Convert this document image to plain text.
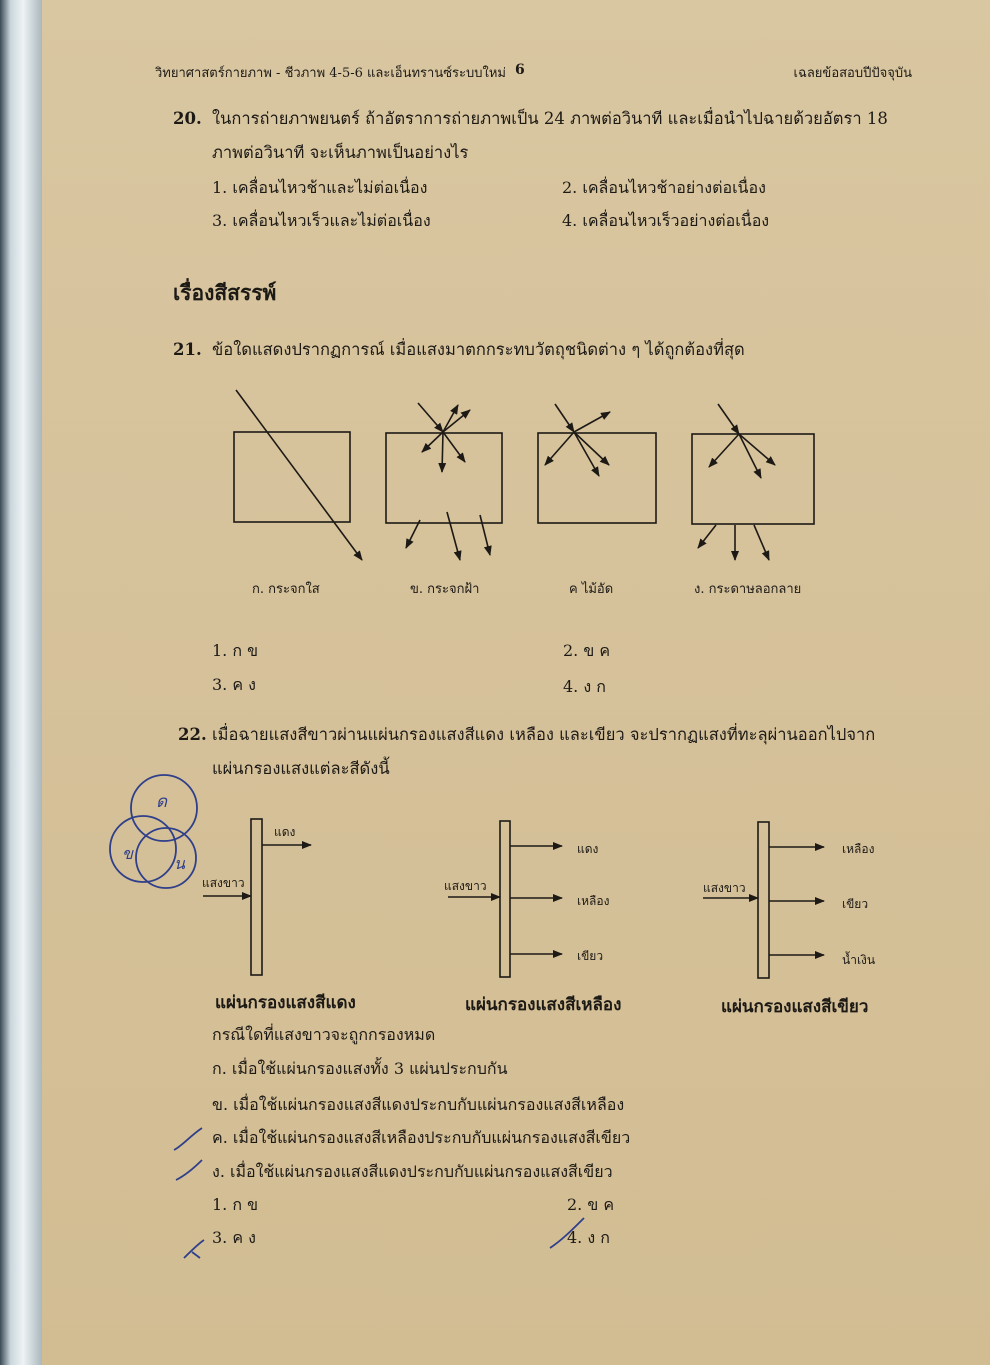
วิทยาศาสตร์กายภาพ - ชีวภาพ 4-5-6 และเอ็นทรานซ์ระบบใหม่ 6	เฉลยข้อสอบปีปัจจุบัน
20. ในการถ่ายภาพยนตร์ ถ้าอัตราการถ่ายภาพเป็น 24 ภาพต่อวินาที และเมื่อนำไปฉายด้วยอัตรา 18
ภาพต่อวินาที จะเห็นภาพเป็นอย่างไร
1. เคลื่อนไหวช้าและไม่ต่อเนื่อง	2. เคลื่อนไหวช้าอย่างต่อเนื่อง
3. เคลื่อนไหวเร็วและไม่ต่อเนื่อง	4. เคลื่อนไหวเร็วอย่างต่อเนื่อง
เรื่องสีสรรพ์
21. ข้อใดแสดงปรากฏการณ์ เมื่อแสงมาตกกระทบวัตถุชนิดต่าง ๆ ได้ถูกต้องที่สุด
ก. กระจกใส	ข. กระจกฝ้า	ค ไม้อัด	ง. กระดาษลอกลาย
1. ก ข	2. ข ค
3. ค ง	4. ง ก
22. เมื่อฉายแสงสีขาวผ่านแผ่นกรองแสงสีแดง เหลือง และเขียว จะปรากฏแสงที่ทะลุผ่านออกไปจาก
แผ่นกรองแสงแต่ละสีดังนี้
ด
ข
น
แสงขาว
แดง
แผ่นกรองแสงสีแดง
แสงขาว
แดง
เหลือง
เขียว
แผ่นกรองแสงสีเหลือง
แสงขาว
เหลือง
เขียว
น้ำเงิน
แผ่นกรองแสงสีเขียว
กรณีใดที่แสงขาวจะถูกกรองหมด
ก. เมื่อใช้แผ่นกรองแสงทั้ง 3 แผ่นประกบกัน
ข. เมื่อใช้แผ่นกรองแสงสีแดงประกบกับแผ่นกรองแสงสีเหลือง
ค. เมื่อใช้แผ่นกรองแสงสีเหลืองประกบกับแผ่นกรองแสงสีเขียว
ง. เมื่อใช้แผ่นกรองแสงสีแดงประกบกับแผ่นกรองแสงสีเขียว
1. ก ข	2. ข ค
3. ค ง	4. ง ก
